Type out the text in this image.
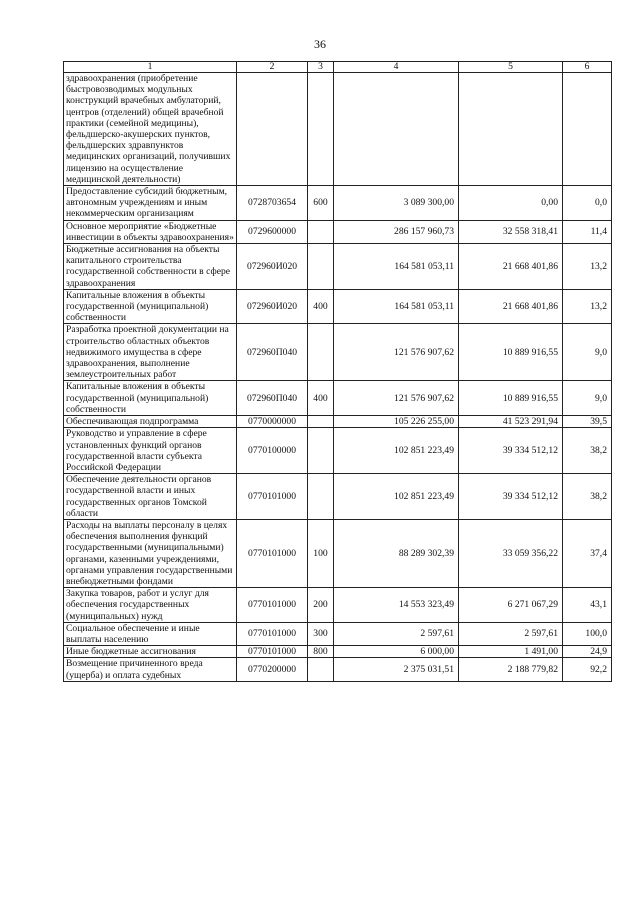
36
1	2	3	4	5	6
здравоохранения (приобретение быстровозводимых модульных конструкций врачебных амбулаторий, центров (отделений) общей врачебной практики (семейной медицины), фельдшерско-акушерских пунктов, фельдшерских здравпунктов медицинских организаций, получивших лицензию на осуществление медицинской деятельности)					
Предоставление субсидий бюджетным, автономным учреждениям и иным некоммерческим организациям	0728703654	600	3 089 300,00	0,00	0,0
Основное мероприятие «Бюджетные инвестиции в объекты здравоохранения»	0729600000		286 157 960,73	32 558 318,41	11,4
Бюджетные ассигнования на объекты капитального строительства государственной собственности в сфере здравоохранения	072960И020		164 581 053,11	21 668 401,86	13,2
Капитальные вложения в объекты государственной (муниципальной) собственности	072960И020	400	164 581 053,11	21 668 401,86	13,2
Разработка проектной документации на строительство областных объектов недвижимого имущества в сфере здравоохранения, выполнение землеустроительных работ	072960П040		121 576 907,62	10 889 916,55	9,0
Капитальные вложения в объекты государственной (муниципальной) собственности	072960П040	400	121 576 907,62	10 889 916,55	9,0
Обеспечивающая подпрограмма	0770000000		105 226 255,00	41 523 291,94	39,5
Руководство и управление в сфере установленных функций органов государственной власти субъекта Российской Федерации	0770100000		102 851 223,49	39 334 512,12	38,2
Обеспечение деятельности органов государственной власти и иных государственных органов Томской области	0770101000		102 851 223,49	39 334 512,12	38,2
Расходы на выплаты персоналу в целях обеспечения выполнения функций государственными (муниципальными) органами, казенными учреждениями, органами управления государственными внебюджетными фондами	0770101000	100	88 289 302,39	33 059 356,22	37,4
Закупка товаров, работ и услуг для обеспечения государственных (муниципальных) нужд	0770101000	200	14 553 323,49	6 271 067,29	43,1
Социальное обеспечение и иные выплаты населению	0770101000	300	2 597,61	2 597,61	100,0
Иные бюджетные ассигнования	0770101000	800	6 000,00	1 491,00	24,9
Возмещение причиненного вреда (ущерба) и оплата судебных	0770200000		2 375 031,51	2 188 779,82	92,2
